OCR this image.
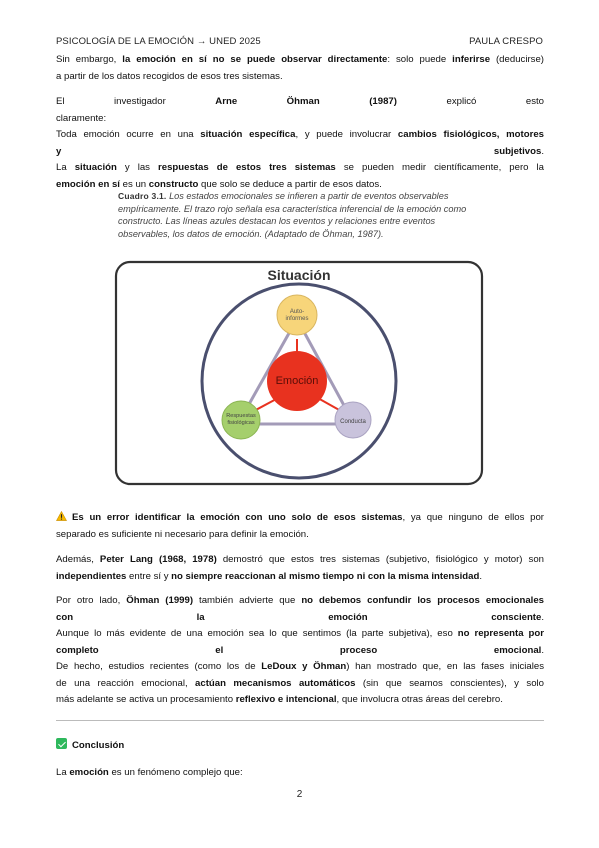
PSICOLOGÍA DE LA EMOCIÓN → UNED 2025	PAULA CRESPO

Sin embargo, la emoción en sí no se puede observar directamente: solo puede inferirse (deducirse)

a partir de los datos recogidos de esos tres sistemas.

El investigador Arne Öhman (1987) explicó esto claramente:

Toda emoción ocurre en una situación específica, y puede involucrar cambios fisiológicos, motores

y	subjetivos.

La situación y las respuestas de estos tres sistemas se pueden medir científicamente, pero la

emoción en sí es un constructo que solo se deduce a partir de esos datos.

Cuadro 3.1. Los estados emocionales se infieren a partir de eventos observables empíricamente. El trazo rojo señala esa característica inferencial de la emoción como constructo. Las líneas azules destacan los eventos y relaciones entre eventos observables, los datos de emoción. (Adaptado de Öhman, 1987).
Situación
Auto-
informes
Emoción
Respuestas
fisiológicas	Conducta

Es un error identificar la emoción con uno solo de esos sistemas, ya que ninguno de ellos por

separado es suficiente ni necesario para definir la emoción.

Además, Peter Lang (1968, 1978) demostró que estos tres sistemas (subjetivo, fisiológico y motor) son

independientes entre sí y no siempre reaccionan al mismo tiempo ni con la misma intensidad.

Por otro lado, Öhman (1999) también advierte que no debemos confundir los procesos emocionales

con	la	emoción	consciente.

Aunque lo más evidente de una emoción sea lo que sentimos (la parte subjetiva), eso no representa por

completo	el	proceso	emocional.

De hecho, estudios recientes (como los de LeDoux y Öhman) han mostrado que, en las fases iniciales

de una reacción emocional, actúan mecanismos automáticos (sin que seamos conscientes), y solo

más adelante se activa un procesamiento reflexivo e intencional, que involucra otras áreas del cerebro.

Conclusión

La emoción es un fenómeno complejo que:

2
